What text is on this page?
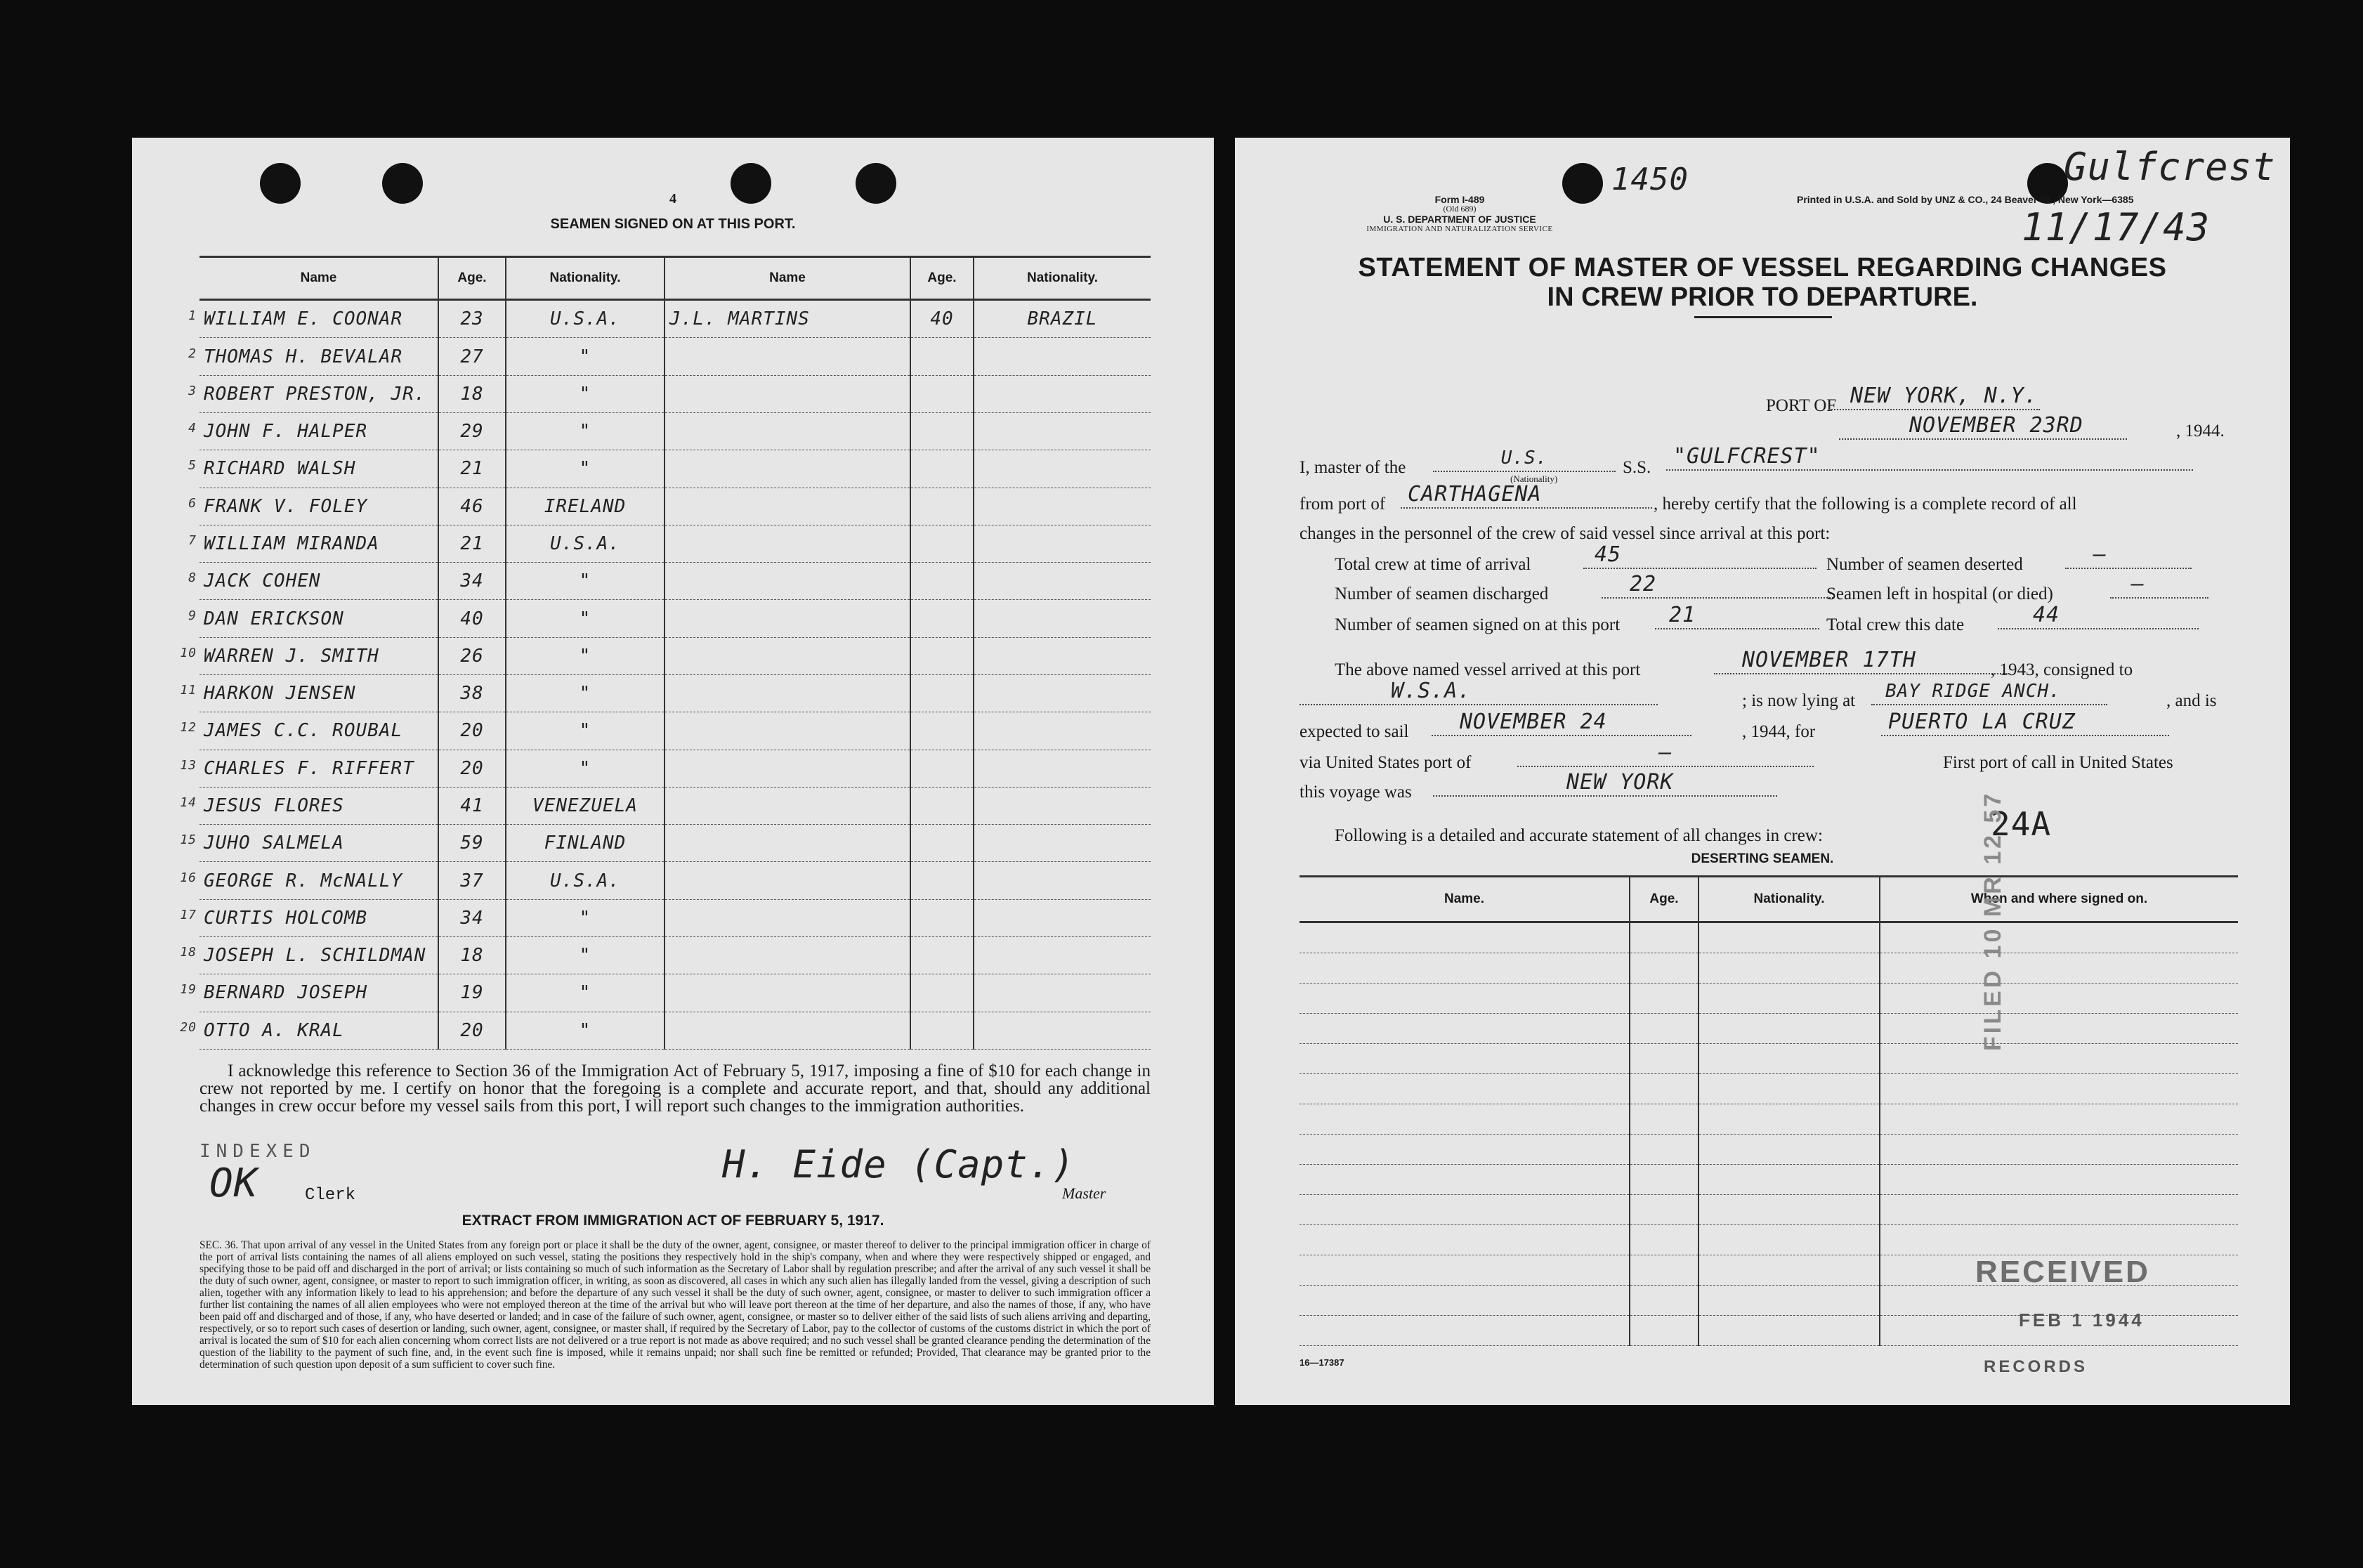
4
SEAMEN SIGNED ON AT THIS PORT.
Name	Age.	Nationality.	Name	Age.	Nationality.

1 WILLIAM E. COONAR	23	U.S.A.	J.L. MARTINS	40	BRAZIL

2 THOMAS H. BEVALAR	27	"			

3 ROBERT PRESTON, JR.	18	"			

4 JOHN F. HALPER	29	"			

5 RICHARD WALSH	21	"			

6 FRANK V. FOLEY	46	IRELAND			

7 WILLIAM MIRANDA	21	U.S.A.			

8 JACK COHEN	34	"			

9 DAN ERICKSON	40	"			

10 WARREN J. SMITH	26	"			

11 HARKON JENSEN	38	"			

12 JAMES C.C. ROUBAL	20	"			

13 CHARLES F. RIFFERT	20	"			

14 JESUS FLORES	41	VENEZUELA			

15 JUHO SALMELA	59	FINLAND			

16 GEORGE R. McNALLY	37	U.S.A.			

17 CURTIS HOLCOMB	34	"			

18 JOSEPH L. SCHILDMAN	18	"			

19 BERNARD JOSEPH	19	"			

20 OTTO A. KRAL	20	"			
I acknowledge this reference to Section 36 of the Immigration Act of February 5, 1917, imposing a fine of $10 for each change in crew not reported by me. I certify on honor that the foregoing is a complete and accurate report, and that, should any additional changes in crew occur before my vessel sails from this port, I will report such changes to the immigration authorities.
INDEXED
OK	Clerk
H. Eide (Capt.)
Master
EXTRACT FROM IMMIGRATION ACT OF FEBRUARY 5, 1917.
SEC. 36. That upon arrival of any vessel in the United States from any foreign port or place it shall be the duty of the owner, agent, consignee, or master thereof to deliver to the principal immigration officer in charge of the port of arrival lists containing the names of all aliens employed on such vessel, stating the positions they respectively hold in the ship's company, when and where they were respectively shipped or engaged, and specifying those to be paid off and discharged in the port of arrival; or lists containing so much of such information as the Secretary of Labor shall by regulation prescribe; and after the arrival of any such vessel it shall be the duty of such owner, agent, consignee, or master to report to such immigration officer, in writing, as soon as discovered, all cases in which any such alien has illegally landed from the vessel, giving a description of such alien, together with any information likely to lead to his apprehension; and before the departure of any such vessel it shall be the duty of such owner, agent, consignee, or master to deliver to such immigration officer a further list containing the names of all alien employees who were not employed thereon at the time of the arrival but who will leave port thereon at the time of her departure, and also the names of those, if any, who have been paid off and discharged and of those, if any, who have deserted or landed; and in case of the failure of such owner, agent, consignee, or master so to deliver either of the said lists of such aliens arriving and departing, respectively, or so to report such cases of desertion or landing, such owner, agent, consignee, or master shall, if required by the Secretary of Labor, pay to the collector of customs of the customs district in which the port of arrival is located the sum of $10 for each alien concerning whom correct lists are not delivered or a true report is not made as above required; and no such vessel shall be granted clearance pending the determination of the question of the liability to the payment of such fine, and, in the event such fine is imposed, while it remains unpaid; nor shall such fine be remitted or refunded; Provided, That clearance may be granted prior to the determination of such question upon deposit of a sum sufficient to cover such fine.
1450	Gulfcrest
11/17/43
Form I-489
(Old 689)
U. S. DEPARTMENT OF JUSTICE
IMMIGRATION AND NATURALIZATION SERVICE
Printed in U.S.A. and Sold by UNZ & CO., 24 Beaver St., New York—6385
STATEMENT OF MASTER OF VESSEL REGARDING CHANGES
IN CREW PRIOR TO DEPARTURE.
PORT OF NEW YORK, N.Y.
NOVEMBER 23RD	, 1944.
I, master of the	U.S.
(Nationality)
S.S.	"GULFCREST"
from port of	CARTHAGENA	, hereby certify that the following is a complete record of all
changes in the personnel of the crew of said vessel since arrival at this port:
Total crew at time of arrival	45	Number of seamen deserted	—
Number of seamen discharged	22	Seamen left in hospital (or died)	—
Number of seamen signed on at this port	21	Total crew this date	44
The above named vessel arrived at this port	NOVEMBER 17TH	, 1943, consigned to
W.S.A.	; is now lying at	BAY RIDGE ANCH.	, and is
expected to sail	NOVEMBER 24	, 1944, for	PUERTO LA CRUZ
via United States port of	—	First port of call in United States
this voyage was	NEW YORK
Following is a detailed and accurate statement of all changes in crew:	24A
DESERTING SEAMEN.
Name.	Age.	Nationality.	When and where signed on.

16—17387
FILED 10 MR 12 57
RECEIVED
FEB 1 1944
RECORDS
